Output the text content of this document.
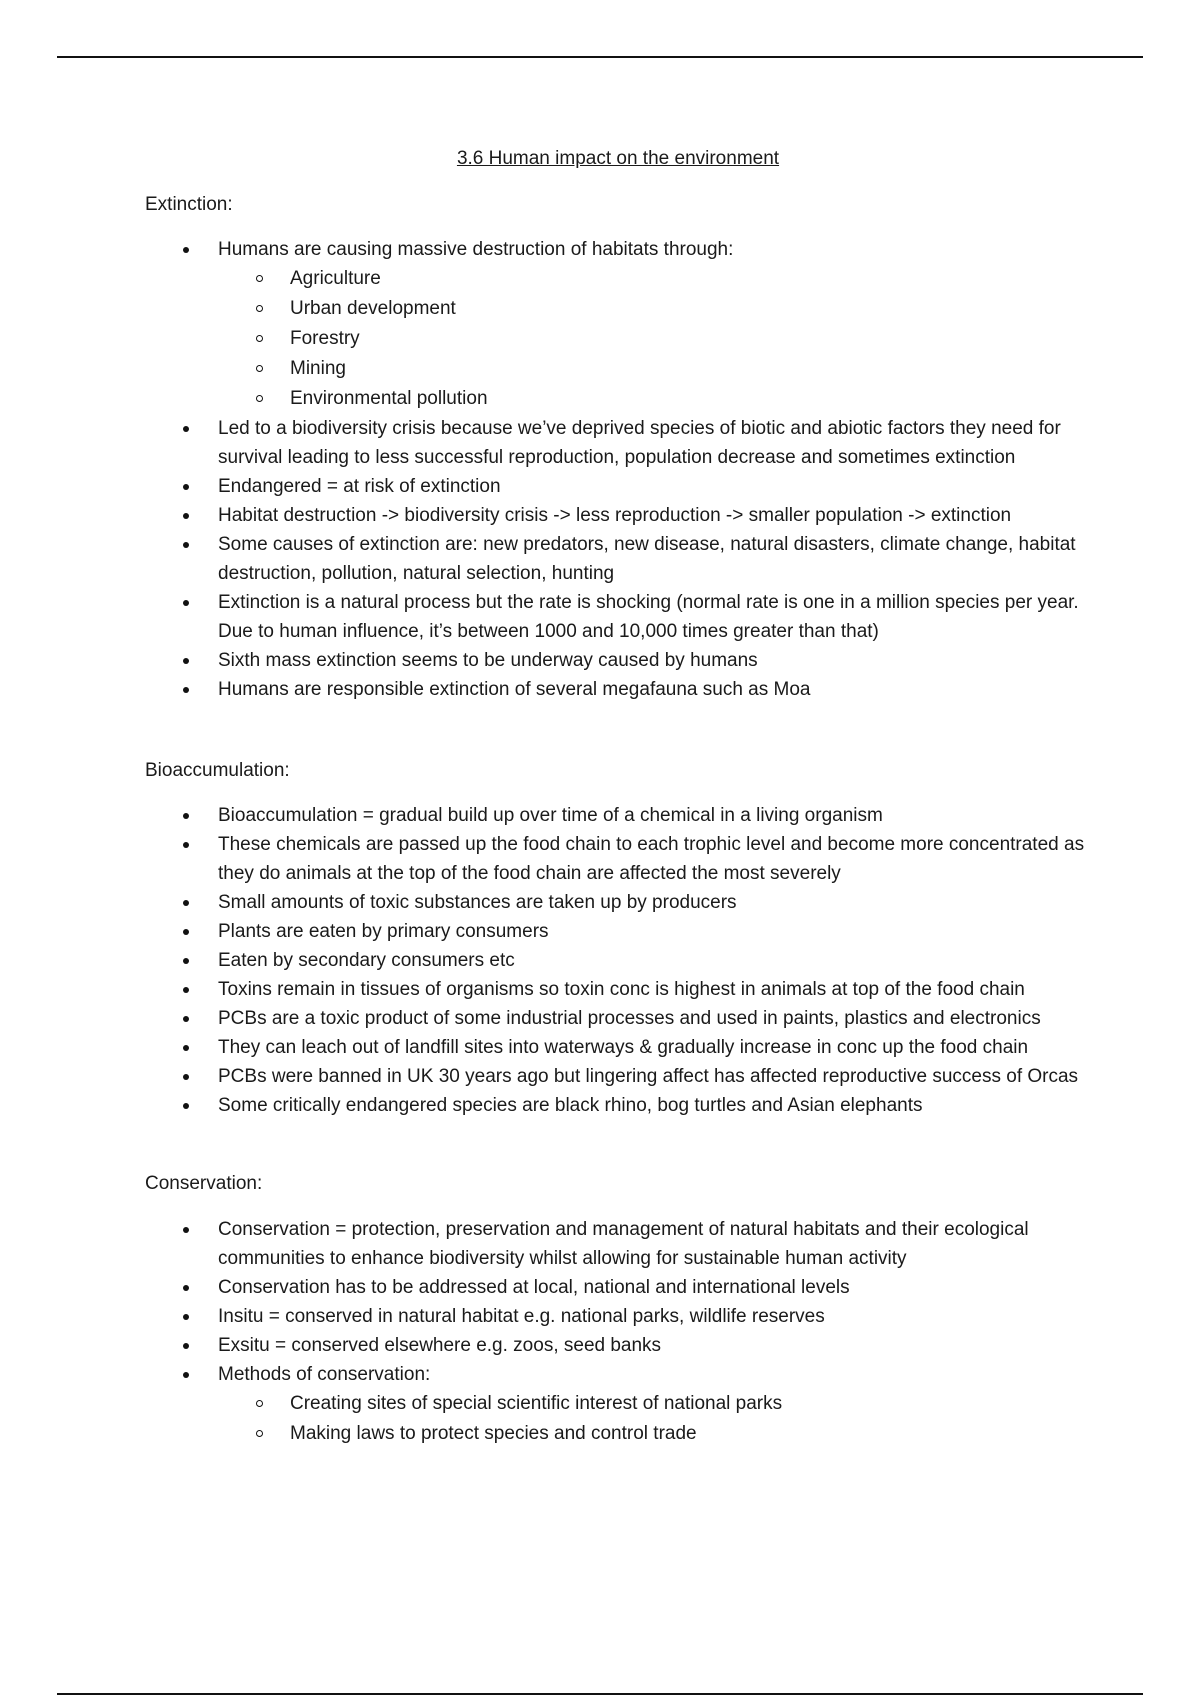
3.6 Human impact on the environment

Extinction:

Humans are causing massive destruction of habitats through:
Agriculture
Urban development
Forestry
Mining
Environmental pollution
Led to a biodiversity crisis because we’ve deprived species of biotic and abiotic factors they need for survival leading to less successful reproduction, population decrease and sometimes extinction
Endangered = at risk of extinction
Habitat destruction -> biodiversity crisis -> less reproduction -> smaller population -> extinction
Some causes of extinction are: new predators, new disease, natural disasters, climate change, habitat destruction, pollution, natural selection, hunting
Extinction is a natural process but the rate is shocking (normal rate is one in a million species per year. Due to human influence, it’s between 1000 and 10,000 times greater than that)
Sixth mass extinction seems to be underway caused by humans
Humans are responsible extinction of several megafauna such as Moa

Bioaccumulation:

Bioaccumulation = gradual build up over time of a chemical in a living organism
These chemicals are passed up the food chain to each trophic level and become more concentrated as they do animals at the top of the food chain are affected the most severely
Small amounts of toxic substances are taken up by producers
Plants are eaten by primary consumers
Eaten by secondary consumers etc
Toxins remain in tissues of organisms so toxin conc is highest in animals at top of the food chain
PCBs are a toxic product of some industrial processes and used in paints, plastics and electronics
They can leach out of landfill sites into waterways & gradually increase in conc up the food chain
PCBs were banned in UK 30 years ago but lingering affect has affected reproductive success of Orcas
Some critically endangered species are black rhino, bog turtles and Asian elephants

Conservation:

Conservation = protection, preservation and management of natural habitats and their ecological communities to enhance biodiversity whilst allowing for sustainable human activity
Conservation has to be addressed at local, national and international levels
Insitu = conserved in natural habitat e.g. national parks, wildlife reserves
Exsitu = conserved elsewhere e.g. zoos, seed banks
Methods of conservation:
Creating sites of special scientific interest of national parks
Making laws to protect species and control trade
